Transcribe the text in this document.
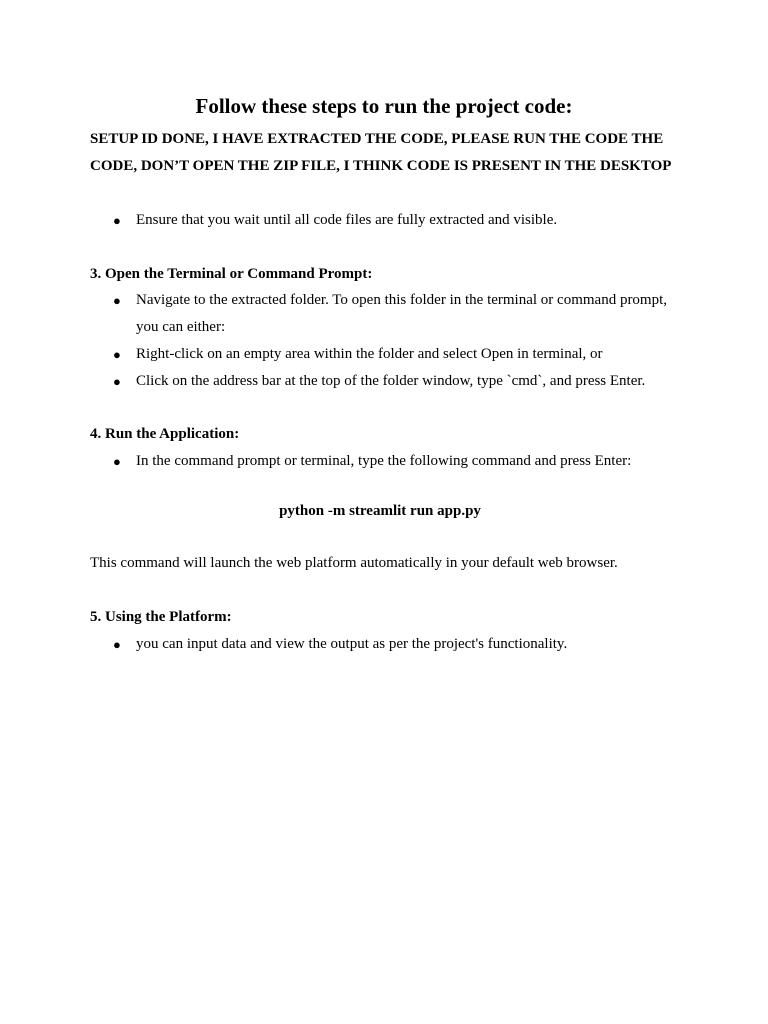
Follow these steps to run the project code:

SETUP ID DONE, I HAVE EXTRACTED THE CODE, PLEASE RUN THE CODE THE CODE, DON’T OPEN THE ZIP FILE, I THINK CODE IS PRESENT IN THE DESKTOP

● Ensure that you wait until all code files are fully extracted and visible.
3. Open the Terminal or Command Prompt:
● Navigate to the extracted folder. To open this folder in the terminal or command prompt, you can either:
● Right-click on an empty area within the folder and select Open in terminal, or
● Click on the address bar at the top of the folder window, type `cmd`, and press Enter.
4. Run the Application:
● In the command prompt or terminal, type the following command and press Enter:

python -m streamlit run app.py

This command will launch the web platform automatically in your default web browser.

5. Using the Platform:
● you can input data and view the output as per the project's functionality.
